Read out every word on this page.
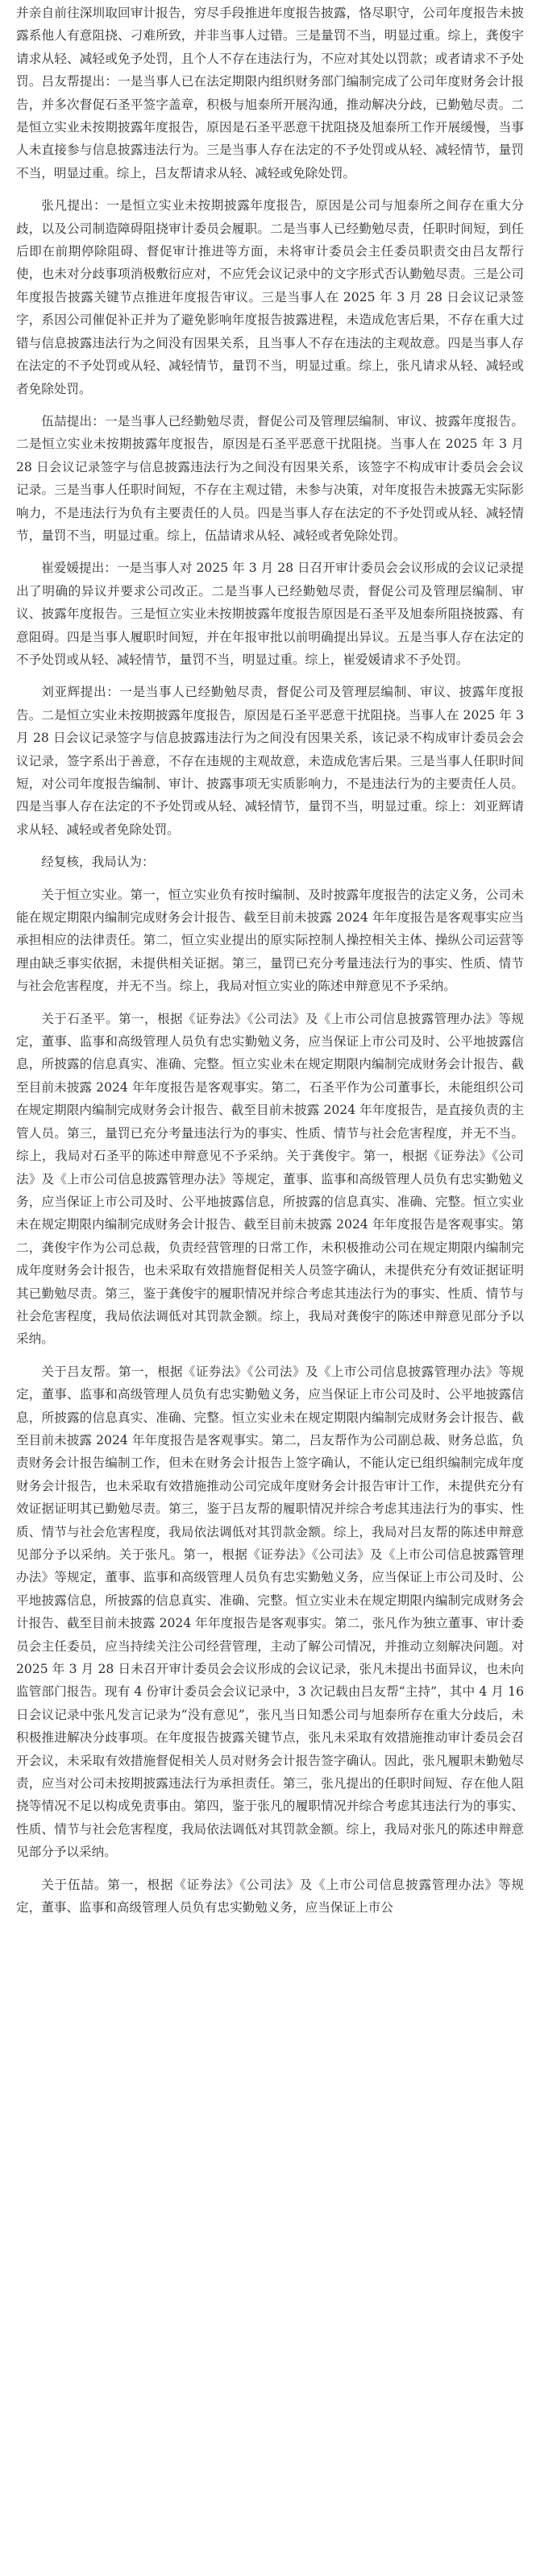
并亲自前往深圳取回审计报告，穷尽手段推进年度报告披露，恪尽职守，公司年度报告未披露系他人有意阻挠、刁难所致，并非当事人过错。三是量罚不当，明显过重。综上，龚俊宇请求从轻、减轻或免予处罚，且个人不存在违法行为，不应对其处以罚款；或者请求不予处罚。吕友帮提出：一是当事人已在法定期限内组织财务部门编制完成了公司年度财务会计报告，并多次督促石圣平签字盖章，积极与旭泰所开展沟通，推动解决分歧，已勤勉尽责。二是恒立实业未按期披露年度报告，原因是石圣平恶意干扰阻挠及旭泰所工作开展缓慢，当事人未直接参与信息披露违法行为。三是当事人存在法定的不予处罚或从轻、减轻情节，量罚不当，明显过重。综上，吕友帮请求从轻、减轻或免除处罚。

张凡提出：一是恒立实业未按期披露年度报告，原因是公司与旭泰所之间存在重大分歧，以及公司制造障碍阻挠审计委员会履职。二是当事人已经勤勉尽责，任职时间短，到任后即在前期停除阻碍、督促审计推进等方面，未将审计委员会主任委员职责交由吕友帮行使，也未对分歧事项消极敷衍应对，不应凭会议记录中的文字形式否认勤勉尽责。三是公司年度报告披露关键节点推进年度报告审议。三是当事人在 2025 年 3 月 28 日会议记录签字，系因公司催促补正并为了避免影响年度报告披露进程，未造成危害后果，不存在重大过错与信息披露违法行为之间没有因果关系，且当事人不存在违法的主观故意。四是当事人存在法定的不予处罚或从轻、减轻情节，量罚不当，明显过重。综上，张凡请求从轻、减轻或者免除处罚。

伍喆提出：一是当事人已经勤勉尽责，督促公司及管理层编制、审议、披露年度报告。二是恒立实业未按期披露年度报告，原因是石圣平恶意干扰阻挠。当事人在 2025 年 3 月 28 日会议记录签字与信息披露违法行为之间没有因果关系，该签字不构成审计委员会会议记录。三是当事人任职时间短，不存在主观过错，未参与决策，对年度报告未披露无实际影响力，不是违法行为负有主要责任的人员。四是当事人存在法定的不予处罚或从轻、减轻情节，量罚不当，明显过重。综上，伍喆请求从轻、减轻或者免除处罚。

崔爱媛提出：一是当事人对 2025 年 3 月 28 日召开审计委员会会议形成的会议记录提出了明确的异议并要求公司改正。二是当事人已经勤勉尽责，督促公司及管理层编制、审议、披露年度报告。三是恒立实业未按期披露年度报告原因是石圣平及旭泰所阻挠披露、有意阻碍。四是当事人履职时间短，并在年报审批以前明确提出异议。五是当事人存在法定的不予处罚或从轻、减轻情节，量罚不当，明显过重。综上，崔爱媛请求不予处罚。

刘亚辉提出：一是当事人已经勤勉尽责，督促公司及管理层编制、审议、披露年度报告。二是恒立实业未按期披露年度报告，原因是石圣平恶意干扰阻挠。当事人在 2025 年 3 月 28 日会议记录签字与信息披露违法行为之间没有因果关系，该记录不构成审计委员会会议记录，签字系出于善意，不存在违规的主观故意，未造成危害后果。三是当事人任职时间短，对公司年度报告编制、审计、披露事项无实质影响力，不是违法行为的主要责任人员。四是当事人存在法定的不予处罚或从轻、减轻情节，量罚不当，明显过重。综上：刘亚辉请求从轻、减轻或者免除处罚。

经复核，我局认为：

关于恒立实业。第一，恒立实业负有按时编制、及时披露年度报告的法定义务，公司未能在规定期限内编制完成财务会计报告、截至目前未披露 2024 年年度报告是客观事实应当承担相应的法律责任。第二，恒立实业提出的原实际控制人操控相关主体、操纵公司运营等理由缺乏事实依据，未提供相关证据。第三，量罚已充分考量违法行为的事实、性质、情节与社会危害程度，并无不当。综上，我局对恒立实业的陈述申辩意见不予采纳。

关于石圣平。第一，根据《证券法》《公司法》及《上市公司信息披露管理办法》等规定，董事、监事和高级管理人员负有忠实勤勉义务，应当保证上市公司及时、公平地披露信息，所披露的信息真实、准确、完整。恒立实业未在规定期限内编制完成财务会计报告、截至目前未披露 2024 年年度报告是客观事实。第二，石圣平作为公司董事长，未能组织公司在规定期限内编制完成财务会计报告、截至目前未披露 2024 年年度报告，是直接负责的主管人员。第三，量罚已充分考量违法行为的事实、性质、情节与社会危害程度，并无不当。综上，我局对石圣平的陈述申辩意见不予采纳。关于龚俊宇。第一，根据《证券法》《公司法》及《上市公司信息披露管理办法》等规定，董事、监事和高级管理人员负有忠实勤勉义务，应当保证上市公司及时、公平地披露信息，所披露的信息真实、准确、完整。恒立实业未在规定期限内编制完成财务会计报告、截至目前未披露 2024 年年度报告是客观事实。第二，龚俊宇作为公司总裁，负责经营管理的日常工作，未积极推动公司在规定期限内编制完成年度财务会计报告，也未采取有效措施督促相关人员签字确认，未提供充分有效证据证明其已勤勉尽责。第三，鉴于龚俊宇的履职情况并综合考虑其违法行为的事实、性质、情节与社会危害程度，我局依法调低对其罚款金额。综上，我局对龚俊宇的陈述申辩意见部分予以采纳。

关于吕友帮。第一，根据《证券法》《公司法》及《上市公司信息披露管理办法》等规定，董事、监事和高级管理人员负有忠实勤勉义务，应当保证上市公司及时、公平地披露信息，所披露的信息真实、准确、完整。恒立实业未在规定期限内编制完成财务会计报告、截至目前未披露 2024 年年度报告是客观事实。第二，吕友帮作为公司副总裁、财务总监，负责财务会计报告编制工作，但未在财务会计报告上签字确认，不能认定已组织编制完成年度财务会计报告，也未采取有效措施推动公司完成年度财务会计报告审计工作，未提供充分有效证据证明其已勤勉尽责。第三，鉴于吕友帮的履职情况并综合考虑其违法行为的事实、性质、情节与社会危害程度，我局依法调低对其罚款金额。综上，我局对吕友帮的陈述申辩意见部分予以采纳。关于张凡。第一，根据《证券法》《公司法》及《上市公司信息披露管理办法》等规定，董事、监事和高级管理人员负有忠实勤勉义务，应当保证上市公司及时、公平地披露信息，所披露的信息真实、准确、完整。恒立实业未在规定期限内编制完成财务会计报告、截至目前未披露 2024 年年度报告是客观事实。第二，张凡作为独立董事、审计委员会主任委员，应当持续关注公司经营管理，主动了解公司情况，并推动立刻解决问题。对 2025 年 3 月 28 日未召开审计委员会会议形成的会议记录，张凡未提出书面异议，也未向监管部门报告。现有 4 份审计委员会会议记录中，3 次记载由吕友帮“主持”，其中 4 月 16 日会议记录中张凡发言记录为“没有意见”，张凡当日知悉公司与旭泰所存在重大分歧后，未积极推进解决分歧事项。在年度报告披露关键节点，张凡未采取有效措施推动审计委员会召开会议，未采取有效措施督促相关人员对财务会计报告签字确认。因此，张凡履职未勤勉尽责，应当对公司未按期披露违法行为承担责任。第三，张凡提出的任职时间短、存在他人阻挠等情况不足以构成免责事由。第四，鉴于张凡的履职情况并综合考虑其违法行为的事实、性质、情节与社会危害程度，我局依法调低对其罚款金额。综上，我局对张凡的陈述申辩意见部分予以采纳。

关于伍喆。第一，根据《证券法》《公司法》及《上市公司信息披露管理办法》等规定，董事、监事和高级管理人员负有忠实勤勉义务，应当保证上市公
